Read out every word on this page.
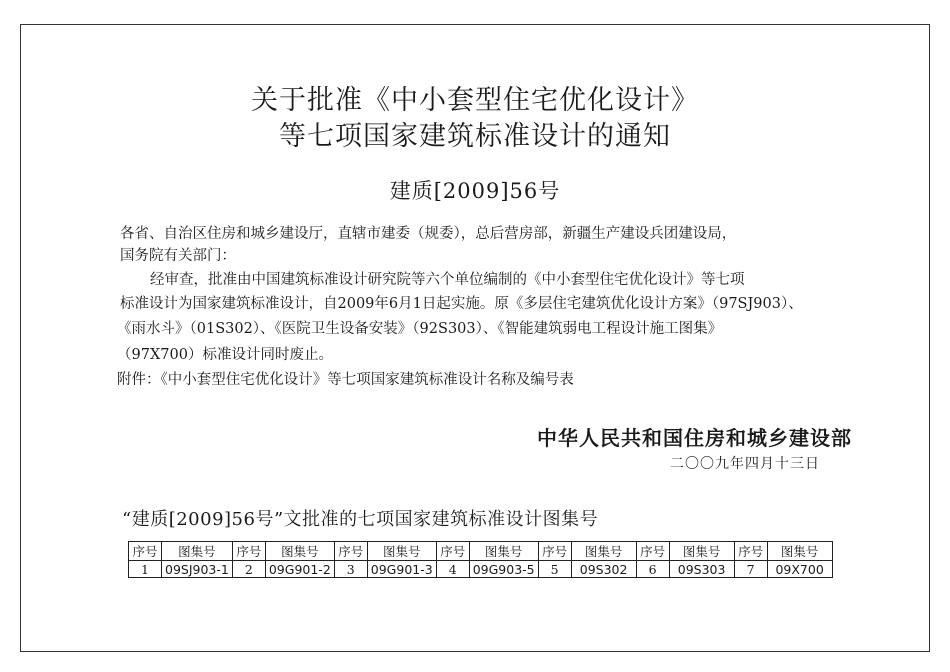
关于批准《中小套型住宅优化设计》
等七项国家建筑标准设计的通知
建质[2009]56号
各省、自治区住房和城乡建设厅，直辖市建委（规委），总后营房部，新疆生产建设兵团建设局，
国务院有关部门：
经审查，批准由中国建筑标准设计研究院等六个单位编制的《中小套型住宅优化设计》等七项
标准设计为国家建筑标准设计，自2009年6月1日起实施。原《多层住宅建筑优化设计方案》（97SJ903）、
《雨水斗》（01S302）、《医院卫生设备安装》（92S303）、《智能建筑弱电工程设计施工图集》
（97X700）标准设计同时废止。
附件：《中小套型住宅优化设计》等七项国家建筑标准设计名称及编号表
中华人民共和国住房和城乡建设部
二〇〇九年四月十三日
“建质[2009]56号”文批准的七项国家建筑标准设计图集号
序号	图集号	序号	图集号	序号	图集号	序号	图集号	序号	图集号	序号	图集号	序号	图集号
1	09SJ903-1	2	09G901-2	3	09G901-3	4	09G903-5	5	09S302	6	09S303	7	09X700
